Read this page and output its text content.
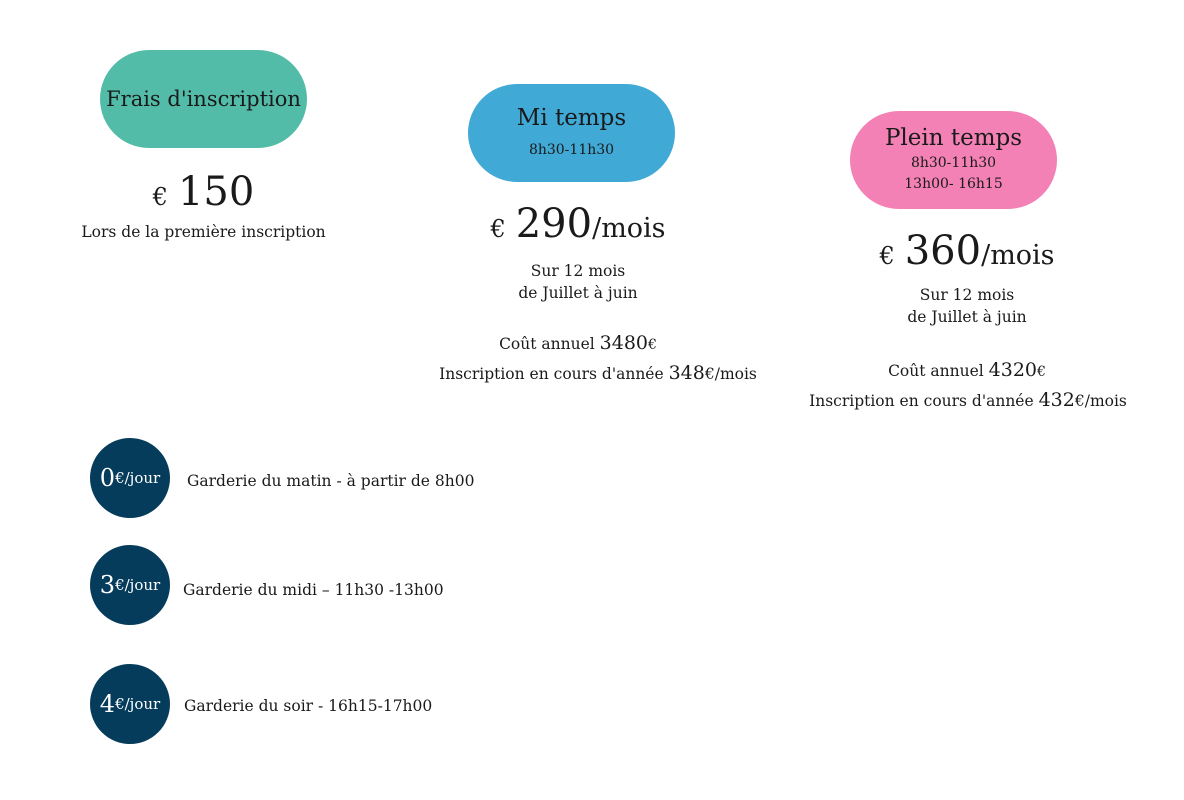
Frais d'inscription
€ 150
Lors de la première inscription
Mi temps
8h30-11h30
€ 290 /mois
Sur 12 mois
de Juillet à juin
Coût annuel 3480€
Inscription en cours d'année 348€/mois
Plein temps
8h30-11h30
13h00- 16h15
€ 360 /mois
Sur 12 mois
de Juillet à juin
Coût annuel 4320€
Inscription en cours d'année 432€/mois
0 €/jour Garderie du matin - à partir de 8h00
3 €/jour Garderie du midi – 11h30 -13h00
4 €/jour Garderie du soir - 16h15-17h00
